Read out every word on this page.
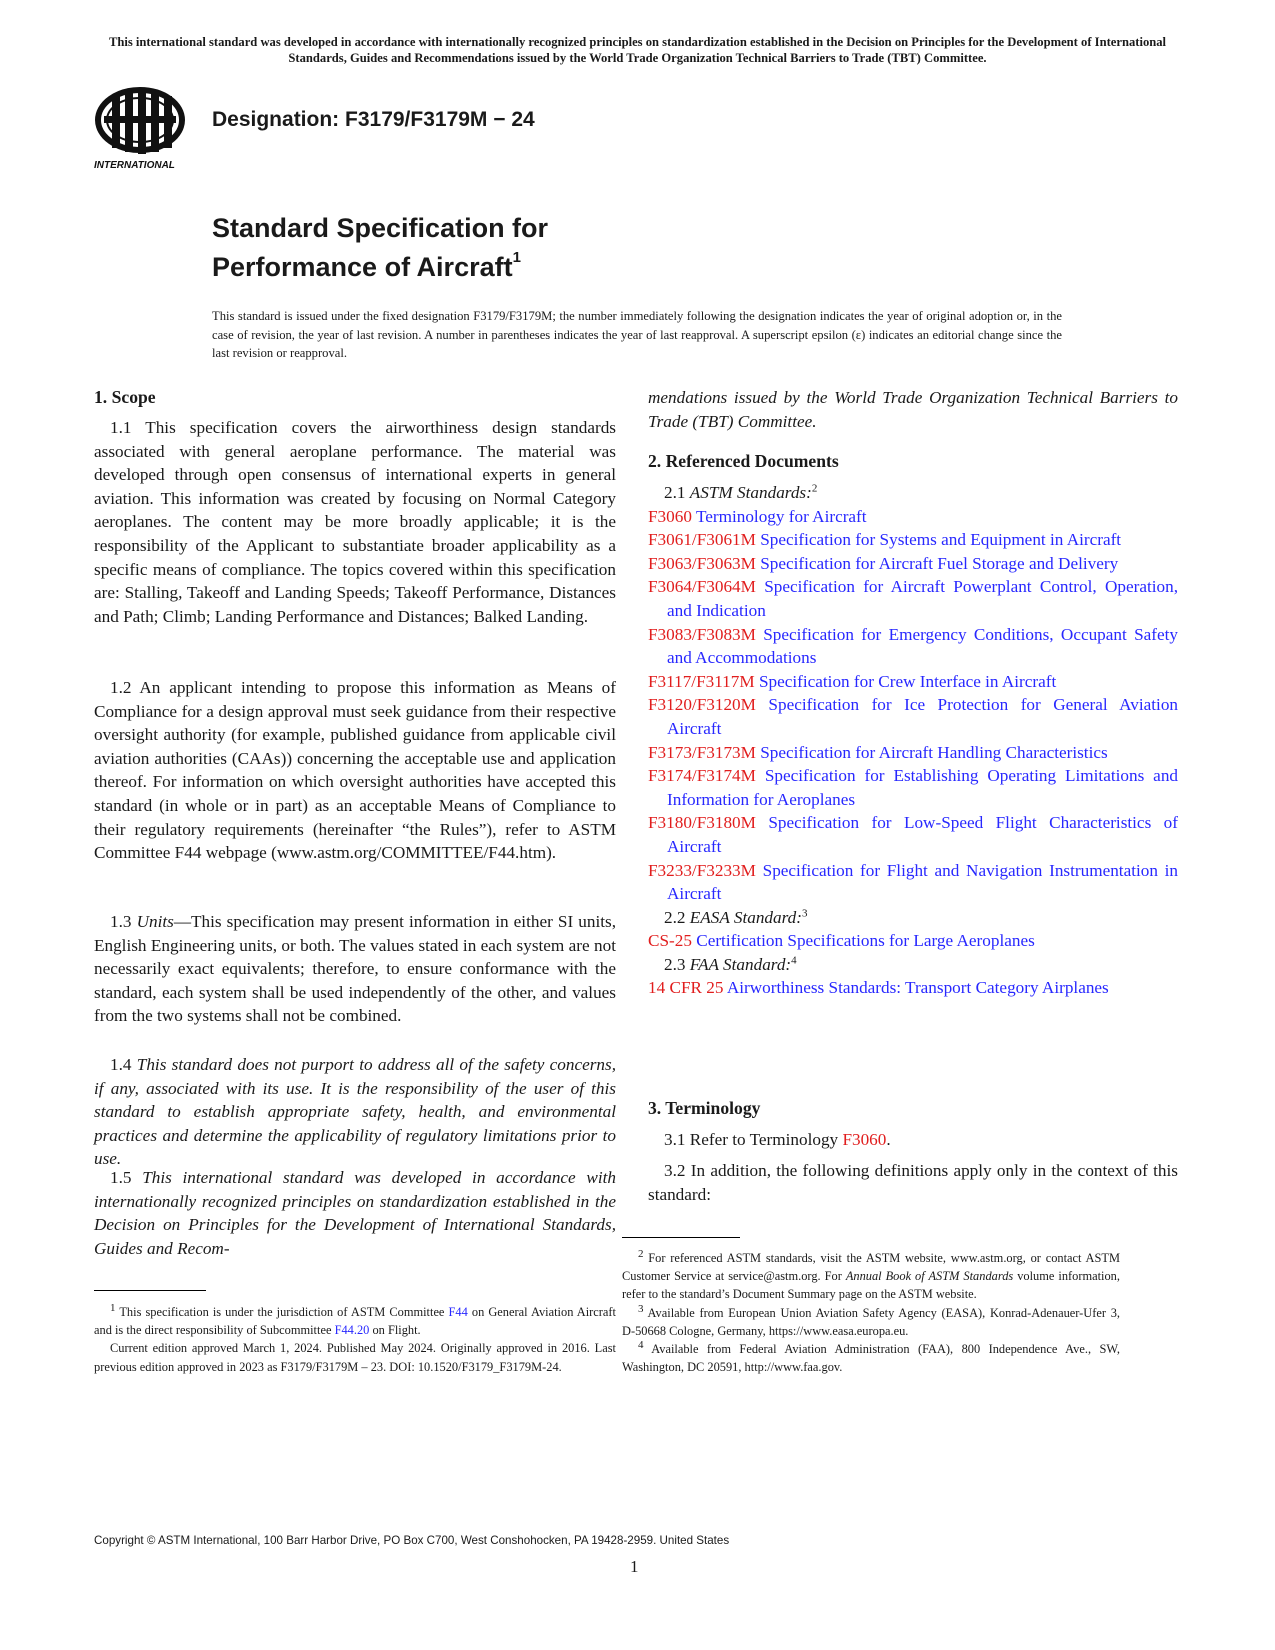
This international standard was developed in accordance with internationally recognized principles on standardization established in the Decision on Principles for the Development of International Standards, Guides and Recommendations issued by the World Trade Organization Technical Barriers to Trade (TBT) Committee.
INTERNATIONAL
Designation: F3179/F3179M − 24
Standard Specification for
Performance of Aircraft$^1$
This standard is issued under the fixed designation F3179/F3179M; the number immediately following the designation indicates the year of original adoption or, in the case of revision, the year of last revision. A number in parentheses indicates the year of last reapproval. A superscript epsilon (ε) indicates an editorial change since the last revision or reapproval.
1. Scope

1.1 This specification covers the airworthiness design standards associated with general aeroplane performance. The material was developed through open consensus of international experts in general aviation. This information was created by focusing on Normal Category aeroplanes. The content may be more broadly applicable; it is the responsibility of the Applicant to substantiate broader applicability as a specific means of compliance. The topics covered within this specification are: Stalling, Takeoff and Landing Speeds; Takeoff Performance, Distances and Path; Climb; Landing Performance and Distances; Balked Landing.

1.2 An applicant intending to propose this information as Means of Compliance for a design approval must seek guidance from their respective oversight authority (for example, published guidance from applicable civil aviation authorities (CAAs)) concerning the acceptable use and application thereof. For information on which oversight authorities have accepted this standard (in whole or in part) as an acceptable Means of Compliance to their regulatory requirements (hereinafter “the Rules”), refer to ASTM Committee F44 webpage (www.astm.org/COMMITTEE/F44.htm).

1.3 Units—This specification may present information in either SI units, English Engineering units, or both. The values stated in each system are not necessarily exact equivalents; therefore, to ensure conformance with the standard, each system shall be used independently of the other, and values from the two systems shall not be combined.

1.4 This standard does not purport to address all of the safety concerns, if any, associated with its use. It is the responsibility of the user of this standard to establish appropriate safety, health, and environmental practices and determine the applicability of regulatory limitations prior to use.

1.5 This international standard was developed in accordance with internationally recognized principles on standardization established in the Decision on Principles for the Development of International Standards, Guides and Recom-

$^1$ This specification is under the jurisdiction of ASTM Committee F44 on General Aviation Aircraft and is the direct responsibility of Subcommittee F44.20 on Flight.

Current edition approved March 1, 2024. Published May 2024. Originally approved in 2016. Last previous edition approved in 2023 as F3179/F3179M – 23. DOI: 10.1520/F3179_F3179M-24.

mendations issued by the World Trade Organization Technical Barriers to Trade (TBT) Committee.

2. Referenced Documents

2.1 ASTM Standards:$^2$

F3060 Terminology for Aircraft

F3061/F3061M Specification for Systems and Equipment in Aircraft

F3063/F3063M Specification for Aircraft Fuel Storage and Delivery

F3064/F3064M Specification for Aircraft Powerplant Control, Operation, and Indication

F3083/F3083M Specification for Emergency Conditions, Occupant Safety and Accommodations

F3117/F3117M Specification for Crew Interface in Aircraft

F3120/F3120M Specification for Ice Protection for General Aviation Aircraft

F3173/F3173M Specification for Aircraft Handling Characteristics

F3174/F3174M Specification for Establishing Operating Limitations and Information for Aeroplanes

F3180/F3180M Specification for Low-Speed Flight Characteristics of Aircraft

F3233/F3233M Specification for Flight and Navigation Instrumentation in Aircraft

2.2 EASA Standard:$^3$

CS-25 Certification Specifications for Large Aeroplanes

2.3 FAA Standard:$^4$

14 CFR 25 Airworthiness Standards: Transport Category Airplanes

3. Terminology

3.1 Refer to Terminology F3060.

3.2 In addition, the following definitions apply only in the context of this standard:

$^2$ For referenced ASTM standards, visit the ASTM website, www.astm.org, or contact ASTM Customer Service at service@astm.org. For Annual Book of ASTM Standards volume information, refer to the standard’s Document Summary page on the ASTM website.

$^3$ Available from European Union Aviation Safety Agency (EASA), Konrad-Adenauer-Ufer 3, D-50668 Cologne, Germany, https://www.easa.europa.eu.

$^4$ Available from Federal Aviation Administration (FAA), 800 Independence Ave., SW, Washington, DC 20591, http://www.faa.gov.

Copyright © ASTM International, 100 Barr Harbor Drive, PO Box C700, West Conshohocken, PA 19428-2959. United States
1
